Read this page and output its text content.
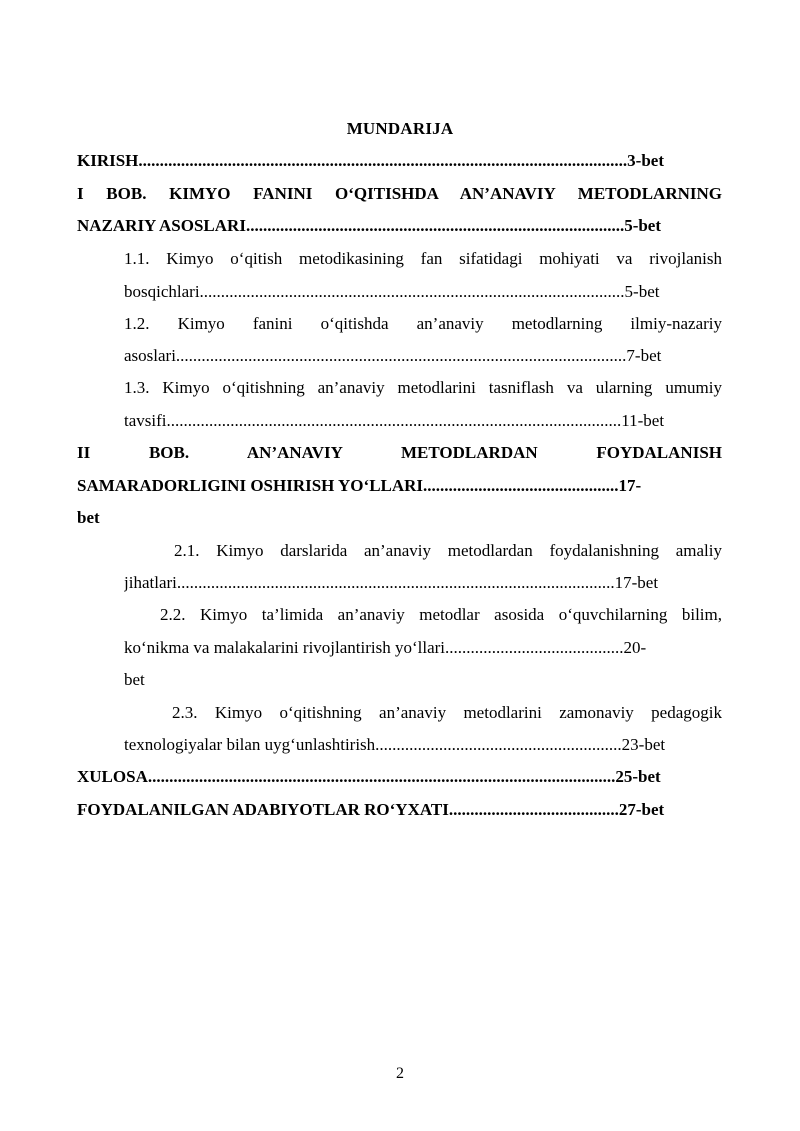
MUNDARIJA
KIRISH...................................................................................................................3-bet
I BOB. KIMYO FANINI O‘QITISHDA AN’ANAVIY METODLARNING
NAZARIY ASOSLARI.........................................................................................5-bet
1.1. Kimyo o‘qitish metodikasining fan sifatidagi mohiyati va rivojlanish
bosqichlari....................................................................................................5-bet
1.2. Kimyo fanini o‘qitishda an’anaviy metodlarning ilmiy-nazariy
asoslari..........................................................................................................7-bet
1.3. Kimyo o‘qitishning an’anaviy metodlarini tasniflash va ularning umumiy
tavsifi...........................................................................................................11-bet
II BOB. AN’ANAVIY METODLARDAN FOYDALANISH
SAMARADORLIGINI OSHIRISH YO‘LLARI..............................................17-
bet
2.1. Kimyo darslarida an’anaviy metodlardan foydalanishning amaliy
jihatlari.......................................................................................................17-bet
2.2. Kimyo ta’limida an’anaviy metodlar asosida o‘quvchilarning bilim,
ko‘nikma va malakalarini rivojlantirish yo‘llari..........................................20-
bet
2.3. Kimyo o‘qitishning an’anaviy metodlarini zamonaviy pedagogik
texnologiyalar bilan uyg‘unlashtirish..........................................................23-bet
XULOSA..............................................................................................................25-bet
FOYDALANILGAN ADABIYOTLAR RO‘YXATI........................................27-bet
2
